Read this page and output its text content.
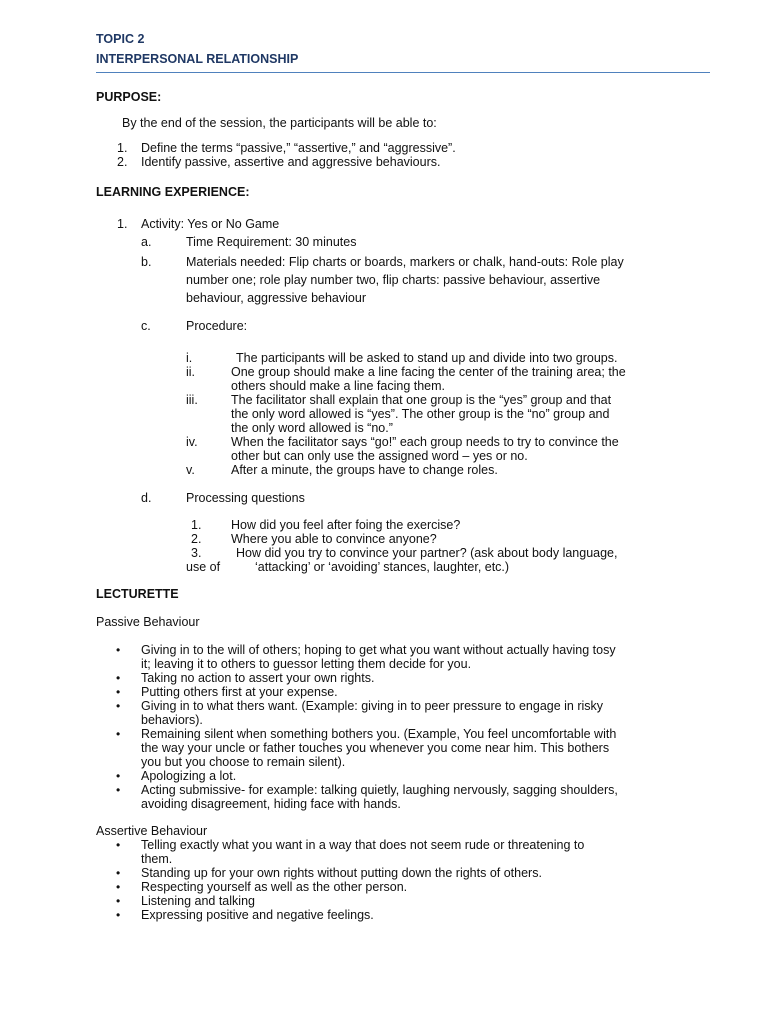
TOPIC 2
INTERPERSONAL RELATIONSHIP
PURPOSE:
By the end of the session, the participants will be able to:
1. Define the terms “passive,” “assertive,” and “aggressive”.
2. Identify passive, assertive and aggressive behaviours.
LEARNING EXPERIENCE:
1. Activity: Yes or No Game
a.	Time Requirement: 30 minutes
b.	Materials needed: Flip charts or boards, markers or chalk, hand-outs: Role play
number one; role play number two, flip charts: passive behaviour, assertive
behaviour, aggressive behaviour
c.	Procedure:
i.	The participants will be asked to stand up and divide into two groups.
ii.	One group should make a line facing the center of the training area; the
others should make a line facing them.
iii.	The facilitator shall explain that one group is the “yes” group and that
the only word allowed is “yes”. The other group is the “no” group and
the only word allowed is “no.”
iv.	When the facilitator says “go!” each group needs to try to convince the
other but can only use the assigned word – yes or no.
v.	After a minute, the groups have to change roles.
d.	Processing questions
1. How did you feel after foing the exercise?
2. Where you able to convince anyone?
3.	How did you try to convince your partner? (ask about body language,
use of	‘attacking’ or ‘avoiding’ stances, laughter, etc.)
LECTURETTE
Passive Behaviour
• Giving in to the will of others; hoping to get what you want without actually having tosy
it; leaving it to others to guessor letting them decide for you.
• Taking no action to assert your own rights.
• Putting others first at your expense.
• Giving in to what thers want. (Example: giving in to peer pressure to engage in risky
behaviors).
• Remaining silent when something bothers you. (Example, You feel uncomfortable with
the way your uncle or father touches you whenever you come near him. This bothers
you but you choose to remain silent).
• Apologizing a lot.
• Acting submissive- for example: talking quietly, laughing nervously, sagging shoulders,
avoiding disagreement, hiding face with hands.
Assertive Behaviour
• Telling exactly what you want in a way that does not seem rude or threatening to
them.
• Standing up for your own rights without putting down the rights of others.
• Respecting yourself as well as the other person.
• Listening and talking
• Expressing positive and negative feelings.
